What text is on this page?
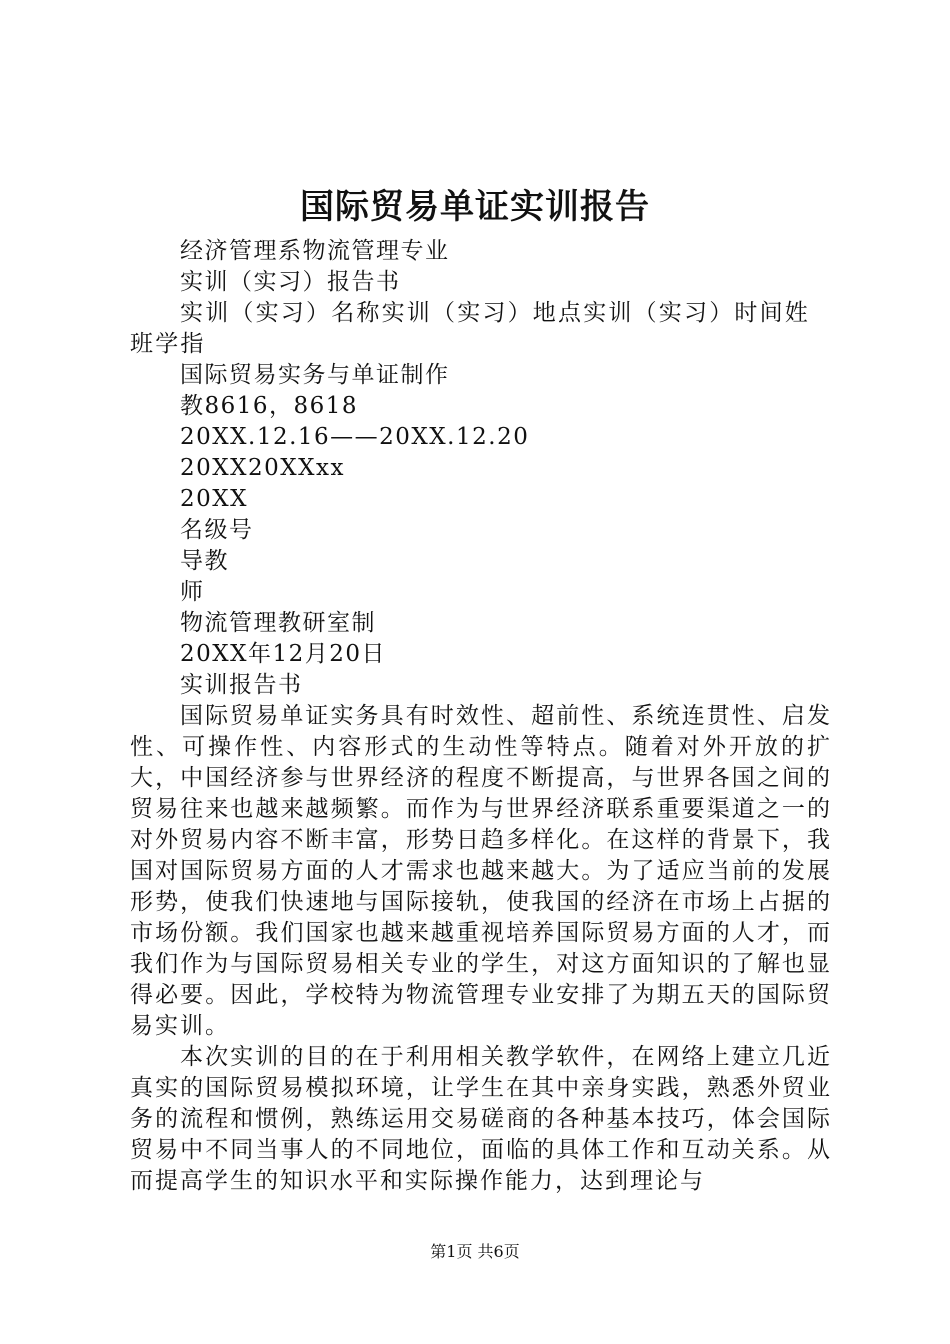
国际贸易单证实训报告
经济管理系物流管理专业
实训（实习）报告书
实训（实习）名称实训（实习）地点实训（实习）时间姓班学指
国际贸易实务与单证制作
教8616，8618
20XX.12.16——20XX.12.20
20XX20XXxx
20XX
名级号
导教
师
物流管理教研室制
20XX年12月20日
实训报告书
国际贸易单证实务具有时效性、超前性、系统连贯性、启发性、可操作性、内容形式的生动性等特点。随着对外开放的扩大，中国经济参与世界经济的程度不断提高，与世界各国之间的贸易往来也越来越频繁。而作为与世界经济联系重要渠道之一的对外贸易内容不断丰富，形势日趋多样化。在这样的背景下，我国对国际贸易方面的人才需求也越来越大。为了适应当前的发展形势，使我们快速地与国际接轨，使我国的经济在市场上占据的市场份额。我们国家也越来越重视培养国际贸易方面的人才，而我们作为与国际贸易相关专业的学生，对这方面知识的了解也显得必要。因此，学校特为物流管理专业安排了为期五天的国际贸易实训。
本次实训的目的在于利用相关教学软件，在网络上建立几近真实的国际贸易模拟环境，让学生在其中亲身实践，熟悉外贸业务的流程和惯例，熟练运用交易磋商的各种基本技巧，体会国际贸易中不同当事人的不同地位，面临的具体工作和互动关系。从而提高学生的知识水平和实际操作能力，达到理论与
第1页 共6页
